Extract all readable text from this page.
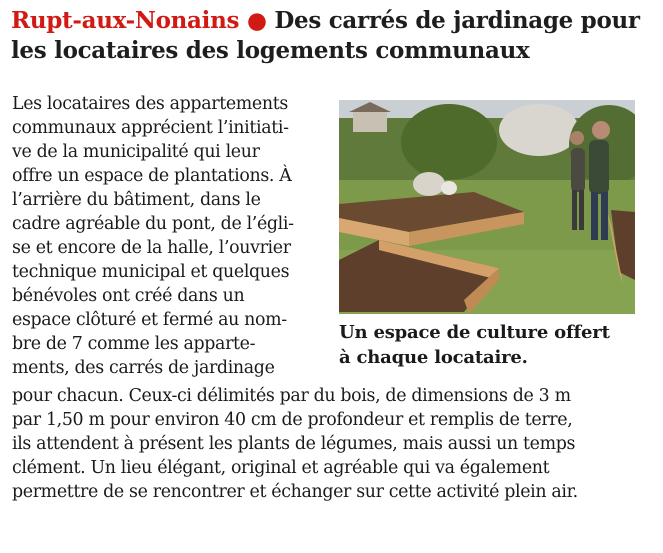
Rupt-aux-Nonains ● Des carrés de jardinage pour
les locataires des logements communaux
Les locataires des appartements
communaux apprécient l’initiati-
ve de la municipalité qui leur
offre un espace de plantations. À
l’arrière du bâtiment, dans le
cadre agréable du pont, de l’égli-
se et encore de la halle, l’ouvrier
technique municipal et quelques
bénévoles ont créé dans un
espace clôturé et fermé au nom-
bre de 7 comme les apparte-
ments, des carrés de jardinage
pour chacun. Ceux-ci délimités par du bois, de dimensions de 3 m
par 1,50 m pour environ 40 cm de profondeur et remplis de terre,
ils attendent à présent les plants de légumes, mais aussi un temps
clément. Un lieu élégant, original et agréable qui va également
permettre de se rencontrer et échanger sur cette activité plein air.
Un espace de culture offert
à chaque locataire.
